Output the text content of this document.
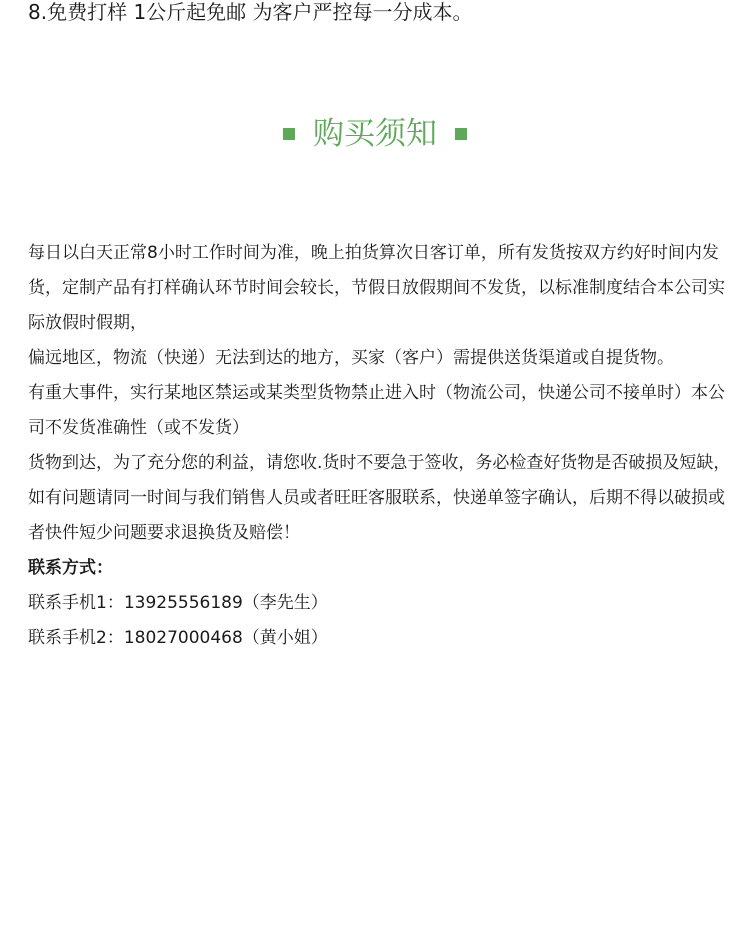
8.免费打样 1公斤起免邮 为客户严控每一分成本。
购买须知

每日以白天正常8小时工作时间为准，晚上拍货算次日客订单，所有发货按双方约好时间内发货，定制产品有打样确认环节时间会较长，节假日放假期间不发货，以标准制度结合本公司实际放假时假期，

偏远地区，物流（快递）无法到达的地方，买家（客户）需提供送货渠道或自提货物。

有重大事件，实行某地区禁运或某类型货物禁止进入时（物流公司，快递公司不接单时）本公司不发货准确性（或不发货）

货物到达，为了充分您的利益，请您收.货时不要急于签收，务必检查好货物是否破损及短缺，如有问题请同一时间与我们销售人员或者旺旺客服联系，快递单签字确认，后期不得以破损或者快件短少问题要求退换货及赔偿！

联系方式：

联系手机1：13925556189（李先生）

联系手机2：18027000468（黄小姐）
